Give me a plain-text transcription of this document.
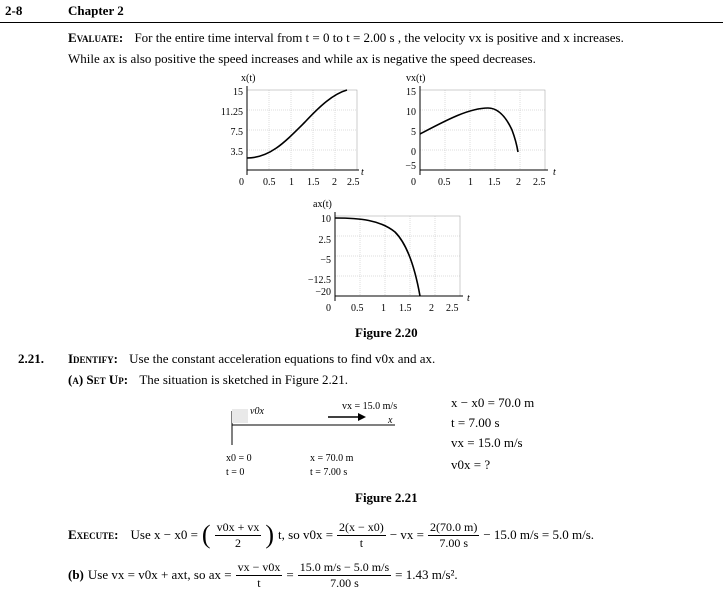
2-8	Chapter 2
Evaluate: For the entire time interval from t = 0 to t = 2.00 s , the velocity vx is positive and x increases.
While ax is also positive the speed increases and while ax is negative the speed decreases.
x(t)
15
11.25
7.5
3.5
0 0.5 1 1.5 2 2.5
t
vx(t)
15
10
5
0
−5
0 0.5 1 1.5 2 2.5
t
ax(t)
10
2.5
−5
−12.5
−20
0 0.5 1 1.5 2 2.5
t
Figure 2.20
2.21. Identify: Use the constant acceleration equations to find v0x and ax.
(a) Set Up: The situation is sketched in Figure 2.21.
v0x	vx = 15.0 m/s
x
x0 = 0
t = 0
x = 70.0 m
t = 7.00 s
x − x0 = 70.0 m
t = 7.00 s
vx = 15.0 m/s
v0x = ?
Figure 2.21
Execute: Use x − x0 = ( $\frac{v0x + vx}{2}$ ) t, so $v0x = \frac{2(x - x0)}{t}$ − vx = $\frac{2(70.0 m)}{7.00 s} - 15.0$ m/s = 5.0 m/s.
(b) Use vx = v0x + axt, so ax = $\frac{vx - v0x}{t} = \frac{15.0 m/s - 5.0 m/s}{7.00 s} = 1.43$ m/s².
